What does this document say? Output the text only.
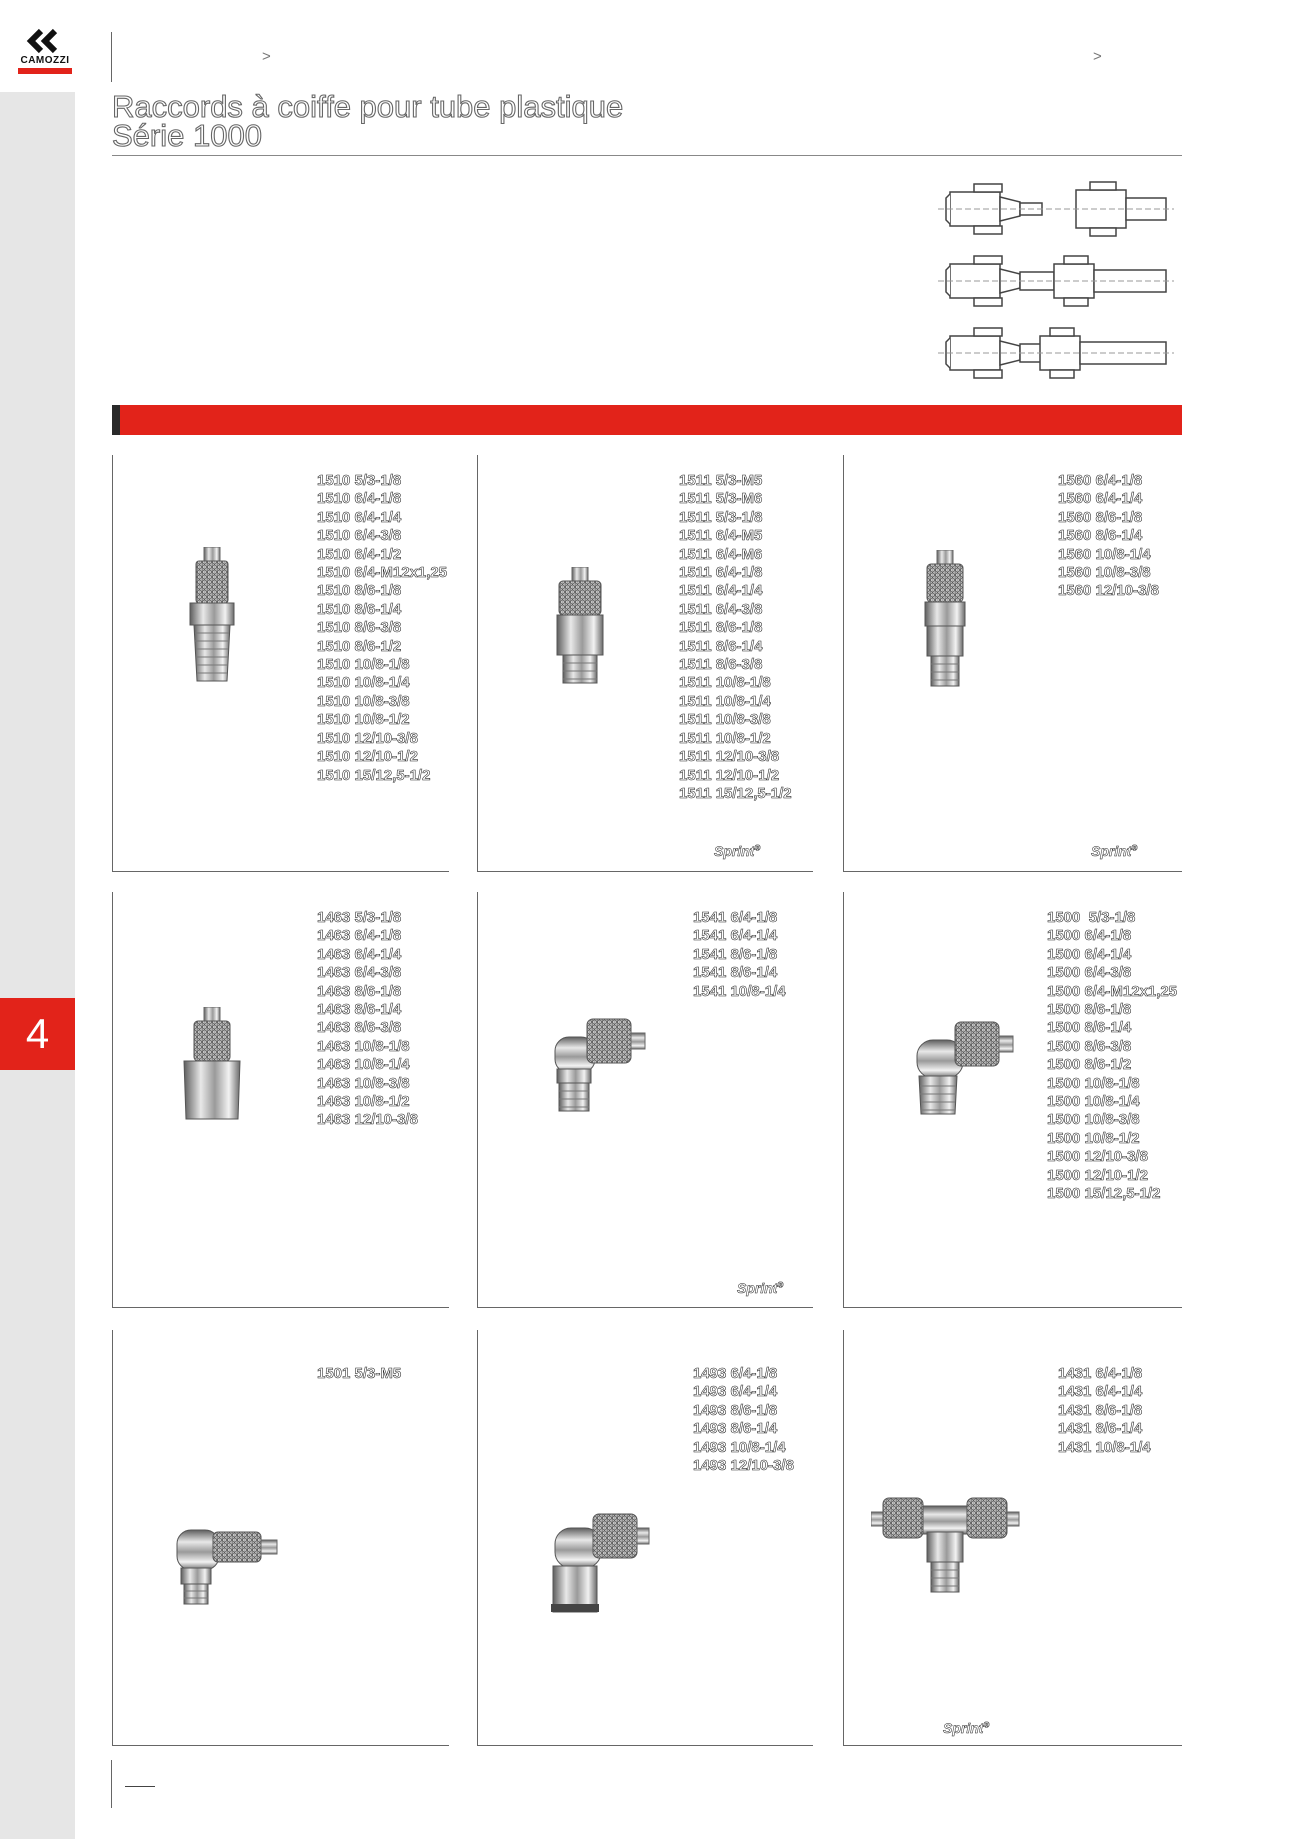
4
CAMOZZI	>	>
Raccords à coiffe pour tube plastique
Série 1000
1510 5/3-1/8
1510 6/4-1/8
1510 6/4-1/4
1510 6/4-3/8
1510 6/4-1/2
1510 6/4-M12x1,25
1510 8/6-1/8
1510 8/6-1/4
1510 8/6-3/8
1510 8/6-1/2
1510 10/8-1/8
1510 10/8-1/4
1510 10/8-3/8
1510 10/8-1/2
1510 12/10-3/8
1510 12/10-1/2
1510 15/12,5-1/2
1511 5/3-M5
1511 5/3-M6
1511 5/3-1/8
1511 6/4-M5
1511 6/4-M6
1511 6/4-1/8
1511 6/4-1/4
1511 6/4-3/8
1511 8/6-1/8
1511 8/6-1/4
1511 8/6-3/8
1511 10/8-1/8
1511 10/8-1/4
1511 10/8-3/8
1511 10/8-1/2
1511 12/10-3/8
1511 12/10-1/2
1511 15/12,5-1/2
Sprint®
1560 6/4-1/8
1560 6/4-1/4
1560 8/6-1/8
1560 8/6-1/4
1560 10/8-1/4
1560 10/8-3/8
1560 12/10-3/8
Sprint®
1463 5/3-1/8
1463 6/4-1/8
1463 6/4-1/4
1463 6/4-3/8
1463 8/6-1/8
1463 8/6-1/4
1463 8/6-3/8
1463 10/8-1/8
1463 10/8-1/4
1463 10/8-3/8
1463 10/8-1/2
1463 12/10-3/8
1541 6/4-1/8
1541 6/4-1/4
1541 8/6-1/8
1541 8/6-1/4
1541 10/8-1/4
Sprint®
1500  5/3-1/8
1500 6/4-1/8
1500 6/4-1/4
1500 6/4-3/8
1500 6/4-M12x1,25
1500 8/6-1/8
1500 8/6-1/4
1500 8/6-3/8
1500 8/6-1/2
1500 10/8-1/8
1500 10/8-1/4
1500 10/8-3/8
1500 10/8-1/2
1500 12/10-3/8
1500 12/10-1/2
1500 15/12,5-1/2
1501 5/3-M5	1493 6/4-1/8
1493 6/4-1/4
1493 8/6-1/8
1493 8/6-1/4
1493 10/8-1/4
1493 12/10-3/8
1431 6/4-1/8
1431 6/4-1/4
1431 8/6-1/8
1431 8/6-1/4
1431 10/8-1/4
Sprint®
